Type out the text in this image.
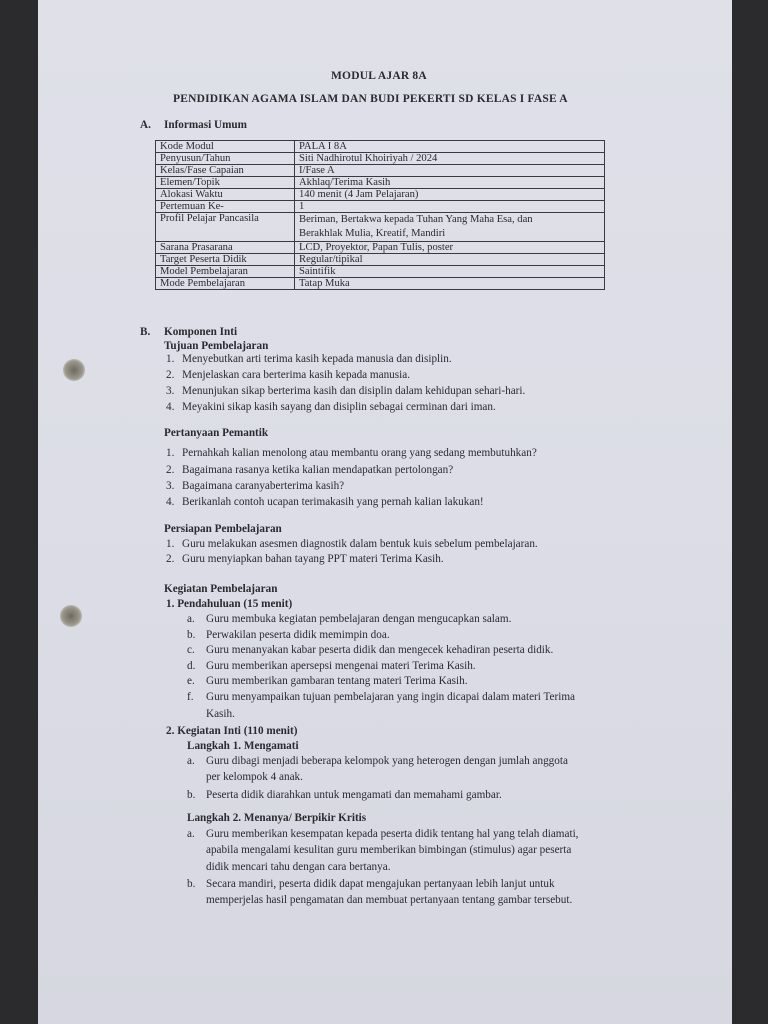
MODUL AJAR 8A
PENDIDIKAN AGAMA ISLAM DAN BUDI PEKERTI SD KELAS I FASE A
A. Informasi Umum
Kode Modul	PALA I 8A
Penyusun/Tahun	Siti Nadhirotul Khoiriyah / 2024
Kelas/Fase Capaian	I/Fase A
Elemen/Topik	Akhlaq/Terima Kasih
Alokasi Waktu	140 menit (4 Jam Pelajaran)
Pertemuan Ke-	1
Profil Pelajar Pancasila	Beriman, Bertakwa kepada Tuhan Yang Maha Esa, dan
Berakhlak Mulia, Kreatif, Mandiri

Sarana Prasarana	LCD, Proyektor, Papan Tulis, poster
Target Peserta Didik	Regular/tipikal
Model Pembelajaran	Saintifik
Mode Pembelajaran	Tatap Muka
B. Komponen Inti
Tujuan Pembelajaran
1. Menyebutkan arti terima kasih kepada manusia dan disiplin.
2. Menjelaskan cara berterima kasih kepada manusia.
3. Menunjukan sikap berterima kasih dan disiplin dalam kehidupan sehari-hari.
4. Meyakini sikap kasih sayang dan disiplin sebagai cerminan dari iman.
Pertanyaan Pemantik
1. Pernahkah kalian menolong atau membantu orang yang sedang membutuhkan?
2. Bagaimana rasanya ketika kalian mendapatkan pertolongan?
3. Bagaimana caranyaberterima kasih?
4. Berikanlah contoh ucapan terimakasih yang pernah kalian lakukan!
Persiapan Pembelajaran
1. Guru melakukan asesmen diagnostik dalam bentuk kuis sebelum pembelajaran.
2. Guru menyiapkan bahan tayang PPT materi Terima Kasih.
Kegiatan Pembelajaran
1. Pendahuluan (15 menit)
a. Guru membuka kegiatan pembelajaran dengan mengucapkan salam.
b. Perwakilan peserta didik memimpin doa.
c. Guru menanyakan kabar peserta didik dan mengecek kehadiran peserta didik.
d. Guru memberikan apersepsi mengenai materi Terima Kasih.
e. Guru memberikan gambaran tentang materi Terima Kasih.
f. Guru menyampaikan tujuan pembelajaran yang ingin dicapai dalam materi Terima
Kasih.
2. Kegiatan Inti (110 menit)
Langkah 1. Mengamati
a. Guru dibagi menjadi beberapa kelompok yang heterogen dengan jumlah anggota
per kelompok 4 anak.
b. Peserta didik diarahkan untuk mengamati dan memahami gambar.
Langkah 2. Menanya/ Berpikir Kritis
a. Guru memberikan kesempatan kepada peserta didik tentang hal yang telah diamati,
apabila mengalami kesulitan guru memberikan bimbingan (stimulus) agar peserta
didik mencari tahu dengan cara bertanya.
b. Secara mandiri, peserta didik dapat mengajukan pertanyaan lebih lanjut untuk
memperjelas hasil pengamatan dan membuat pertanyaan tentang gambar tersebut.
